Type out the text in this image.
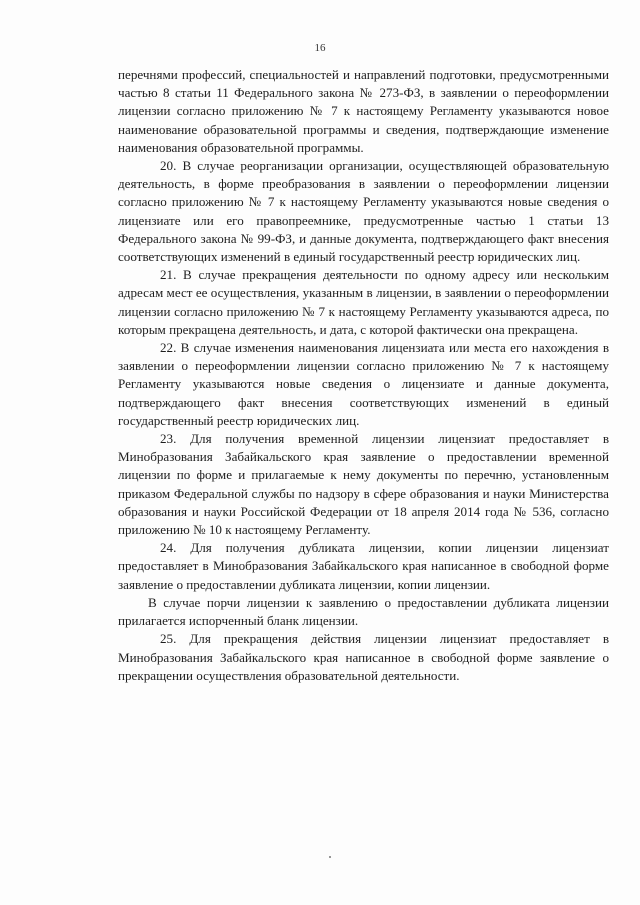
16

перечнями профессий, специальностей и направлений подготовки, предусмотренными частью 8 статьи 11 Федерального закона № 273-ФЗ, в заявлении о переоформлении лицензии согласно приложению № 7 к настоящему Регламенту указываются новое наименование образовательной программы и сведения, подтверждающие изменение наименования образовательной программы.

20. В случае реорганизации организации, осуществляющей образовательную деятельность, в форме преобразования в заявлении о переоформлении лицензии согласно приложению № 7 к настоящему Регламенту указываются новые сведения о лицензиате или его правопреемнике, предусмотренные частью 1 статьи 13 Федерального закона № 99-ФЗ, и данные документа, подтверждающего факт внесения соответствующих изменений в единый государственный реестр юридических лиц.

21. В случае прекращения деятельности по одному адресу или нескольким адресам мест ее осуществления, указанным в лицензии, в заявлении о переоформлении лицензии согласно приложению № 7 к настоящему Регламенту указываются адреса, по которым прекращена деятельность, и дата, с которой фактически она прекращена.

22. В случае изменения наименования лицензиата или места его нахождения в заявлении о переоформлении лицензии согласно приложению № 7 к настоящему Регламенту указываются новые сведения о лицензиате и данные документа, подтверждающего факт внесения соответствующих изменений в единый государственный реестр юридических лиц.

23. Для получения временной лицензии лицензиат предоставляет в Минобразования Забайкальского края заявление о предоставлении временной лицензии по форме и прилагаемые к нему документы по перечню, установленным приказом Федеральной службы по надзору в сфере образования и науки Министерства образования и науки Российской Федерации от 18 апреля 2014 года № 536, согласно приложению № 10 к настоящему Регламенту.

24. Для получения дубликата лицензии, копии лицензии лицензиат предоставляет в Минобразования Забайкальского края написанное в свободной форме заявление о предоставлении дубликата лицензии, копии лицензии.

В случае порчи лицензии к заявлению о предоставлении дубликата лицензии прилагается испорченный бланк лицензии.

25. Для прекращения действия лицензии лицензиат предоставляет в Минобразования Забайкальского края написанное в свободной форме заявление о прекращении осуществления образовательной деятельности.
